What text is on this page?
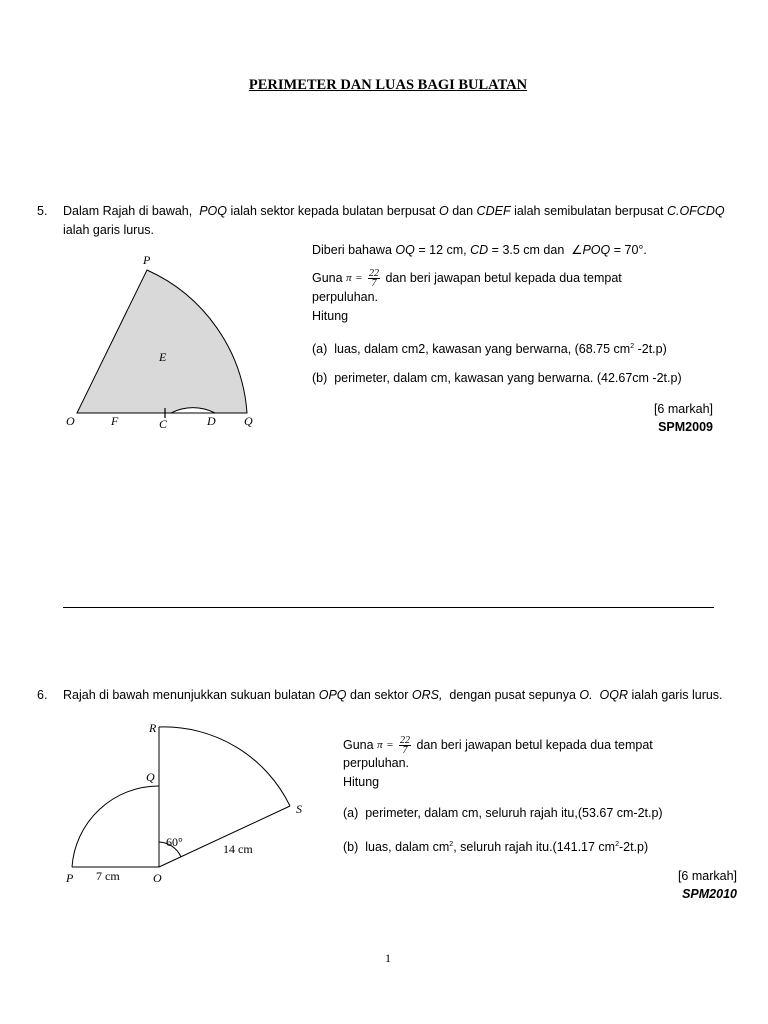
PERIMETER DAN LUAS BAGI BULATAN
5. Dalam Rajah di bawah, POQ ialah sektor kepada bulatan berpusat O dan CDEF ialah semibulatan berpusat C.OFCDQ
ialah garis lurus.
Diberi bahawa OQ = 12 cm, CD = 3.5 cm dan ∠POQ = 70°.
Guna $\pi = \frac{22}{7}$ dan beri jawapan betul kepada dua tempat
perpuluhan.
Hitung
(a) luas, dalam cm2, kawasan yang berwarna, (68.75 $cm^2$ -2t.p)
(b) perimeter, dalam cm, kawasan yang berwarna. (42.67cm -2t.p)
[6 markah]
SPM2009
P
E
O	F	C	D Q
6. Rajah di bawah menunjukkan sukuan bulatan OPQ dan sektor ORS, dengan pusat sepunya O. OQR ialah garis lurus.
Guna $\pi = \frac{22}{7}$ dan beri jawapan betul kepada dua tempat
perpuluhan.
Hitung
(a) perimeter, dalam cm, seluruh rajah itu,(53.67 cm-2t.p)
(b) luas, dalam $cm^2$, seluruh rajah itu.(141.17 $cm^2-2t.p$)
[6 markah]
SPM2010
R
Q
S
P	O
60°
7 cm
14 cm
1
